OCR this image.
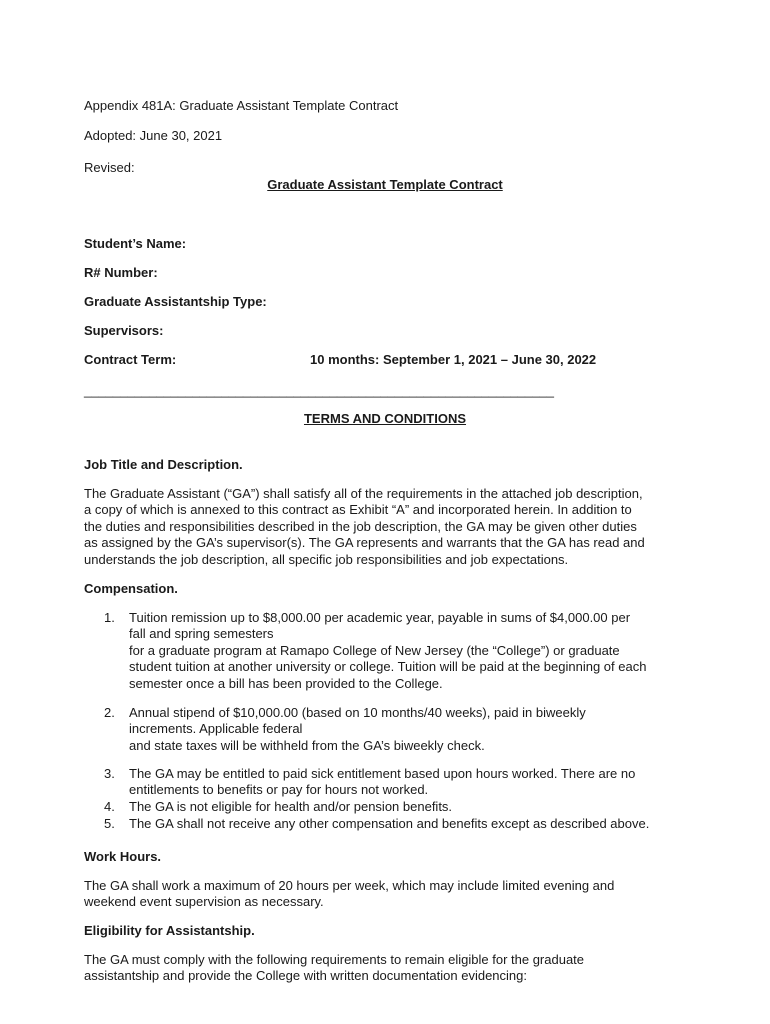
Appendix 481A: Graduate Assistant Template Contract
Adopted: June 30, 2021
Revised:
Graduate Assistant Template Contract
Student’s Name:
R# Number:
Graduate Assistantship Type:
Supervisors:
Contract Term:	10 months: September 1, 2021 – June 30, 2022
_________________________________________________________________
TERMS AND CONDITIONS
Job Title and Description.
The Graduate Assistant (“GA”) shall satisfy all of the requirements in the attached job description,
a copy of which is annexed to this contract as Exhibit “A” and incorporated herein. In addition to
the duties and responsibilities described in the job description, the GA may be given other duties
as assigned by the GA’s supervisor(s). The GA represents and warrants that the GA has read and
understands the job description, all specific job responsibilities and job expectations.
Compensation.
1.	Tuition remission up to $8,000.00 per academic year, payable in sums of $4,000.00 per
fall and spring semesters
for a graduate program at Ramapo College of New Jersey (the “College”) or graduate
student tuition at another university or college. Tuition will be paid at the beginning of each
semester once a bill has been provided to the College.
2.	Annual stipend of $10,000.00 (based on 10 months/40 weeks), paid in biweekly
increments. Applicable federal
and state taxes will be withheld from the GA’s biweekly check.
3.	The GA may be entitled to paid sick entitlement based upon hours worked. There are no
entitlements to benefits or pay for hours not worked.
4.	The GA is not eligible for health and/or pension benefits.
5.	The GA shall not receive any other compensation and benefits except as described above.
Work Hours.
The GA shall work a maximum of 20 hours per week, which may include limited evening and
weekend event supervision as necessary.
Eligibility for Assistantship.
The GA must comply with the following requirements to remain eligible for the graduate
assistantship and provide the College with written documentation evidencing:
